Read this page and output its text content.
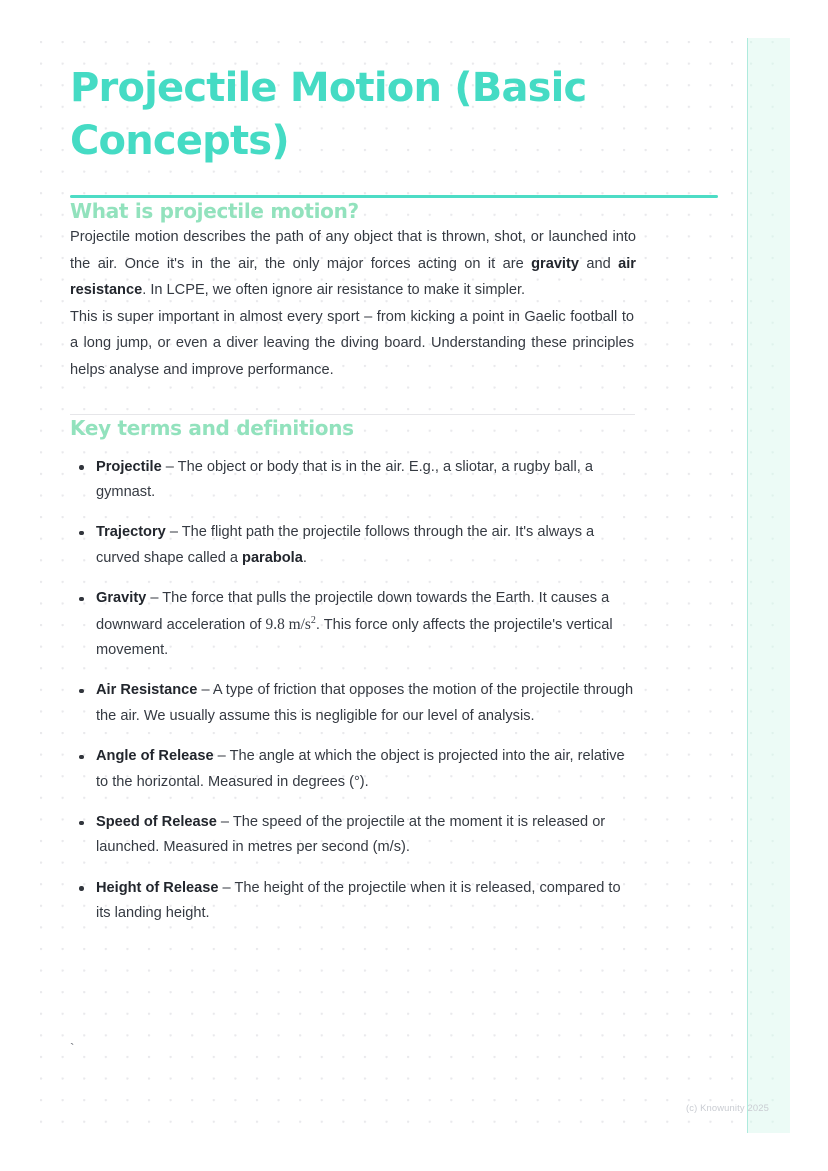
Projectile Motion (Basic Concepts)
What is projectile motion?

Projectile motion describes the path of any object that is thrown, shot, or launched into the air. Once it's in the air, the only major forces acting on it are gravity and air resistance. In LCPE, we often ignore air resistance to make it simpler.

This is super important in almost every sport – from kicking a point in Gaelic football to a long jump, or even a diver leaving the diving board. Understanding these principles helps analyse and improve performance.

Key terms and definitions
Projectile – The object or body that is in the air. E.g., a sliotar, a rugby ball, a gymnast.
Trajectory – The flight path the projectile follows through the air. It's always a curved shape called a parabola.
Gravity – The force that pulls the projectile down towards the Earth. It causes a downward acceleration of 9.8 $m/s^2$. This force only affects the projectile's vertical movement.
Air Resistance – A type of friction that opposes the motion of the projectile through the air. We usually assume this is negligible for our level of analysis.
Angle of Release – The angle at which the object is projected into the air, relative to the horizontal. Measured in degrees (°).
Speed of Release – The speed of the projectile at the moment it is released or launched. Measured in metres per second (m/s).
Height of Release – The height of the projectile when it is released, compared to its landing height.
`
(c) Knowunity 2025
